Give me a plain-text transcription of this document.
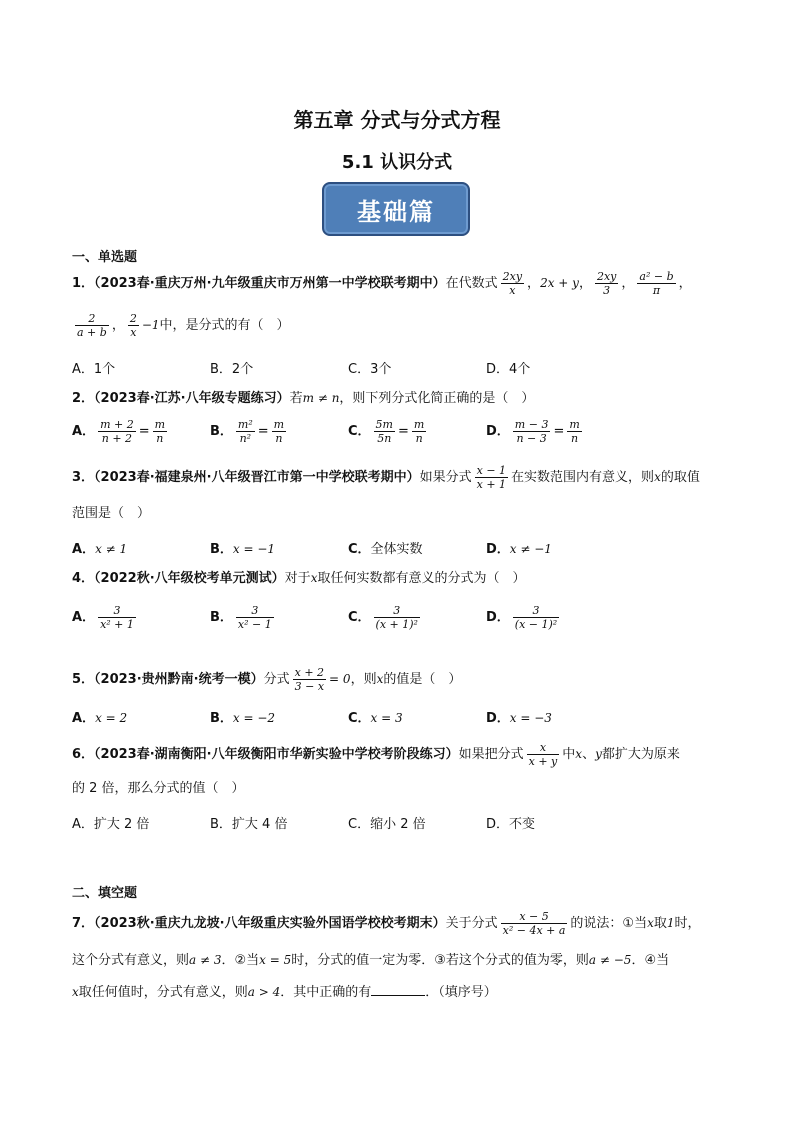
第五章 分式与分式方程
5.1 认识分式
基础篇
一、单选题
1．（2023春·重庆万州·九年级重庆市万州第一中学校联考期中）在代数式 $\frac{2xy}{x}$ ，2x + y， $\frac{2xy}{3}$ ， $\frac{\text{a² − b}}{\pi}$ ，
$\frac{2}{a + b}$ ， $\frac{2}{x} -1$中，是分式的有（　）
A．1个	B．2个	C．3个	D．4个
2．（2023春·江苏·八年级专题练习）若m ≠ n，则下列分式化简正确的是（　）
A． $\frac{m + 2}{n + 2} = \frac{m}{n}$	B． $\frac{\text{m²}}{\text{n²}} = \frac{m}{n}$	C． $\frac{5m}{5n} = \frac{m}{n}$	D． $\frac{m - 3}{n - 3} = \frac{m}{n}$
3．（2023春·福建泉州·八年级晋江市第一中学校联考期中）如果分式 $\frac{x - 1}{x + 1}$ 在实数范围内有意义，则x的取值
范围是（　）
A．x ≠ 1	B．x = −1	C．全体实数	D．x ≠ −1
4．（2022秋·八年级校考单元测试）对于x取任何实数都有意义的分式为（　）
A． $\frac{3}{\text{x² + 1}}$	B． $\frac{3}{\text{x² − 1}}$	C． $\frac{3}{\text{(x + 1)²}}$	D． $\frac{3}{\text{(x − 1)²}}$
5．（2023·贵州黔南·统考一模）分式 $\frac{x + 2}{3 - x} = 0$，则x的值是（　）
A．x = 2	B．x = −2	C．x = 3	D．x = −3
6．（2023春·湖南衡阳·八年级衡阳市华新实验中学校考阶段练习）如果把分式 $\frac{x}{x + y}$ 中x、y都扩大为原来
的 2 倍，那么分式的值（　）
A．扩大 2 倍	B．扩大 4 倍	C．缩小 2 倍	D．不变
二、填空题
7．（2023秋·重庆九龙坡·八年级重庆实验外国语学校校考期末）关于分式 $\frac{x - 5}{\text{x² − 4x + a}}$ 的说法：①当x取1时，
这个分式有意义，则a ≠ 3．②当x = 5时，分式的值一定为零．③若这个分式的值为零，则a ≠ −5．④当
x取任何值时，分式有意义，则a > 4．其中正确的有	．（填序号）
